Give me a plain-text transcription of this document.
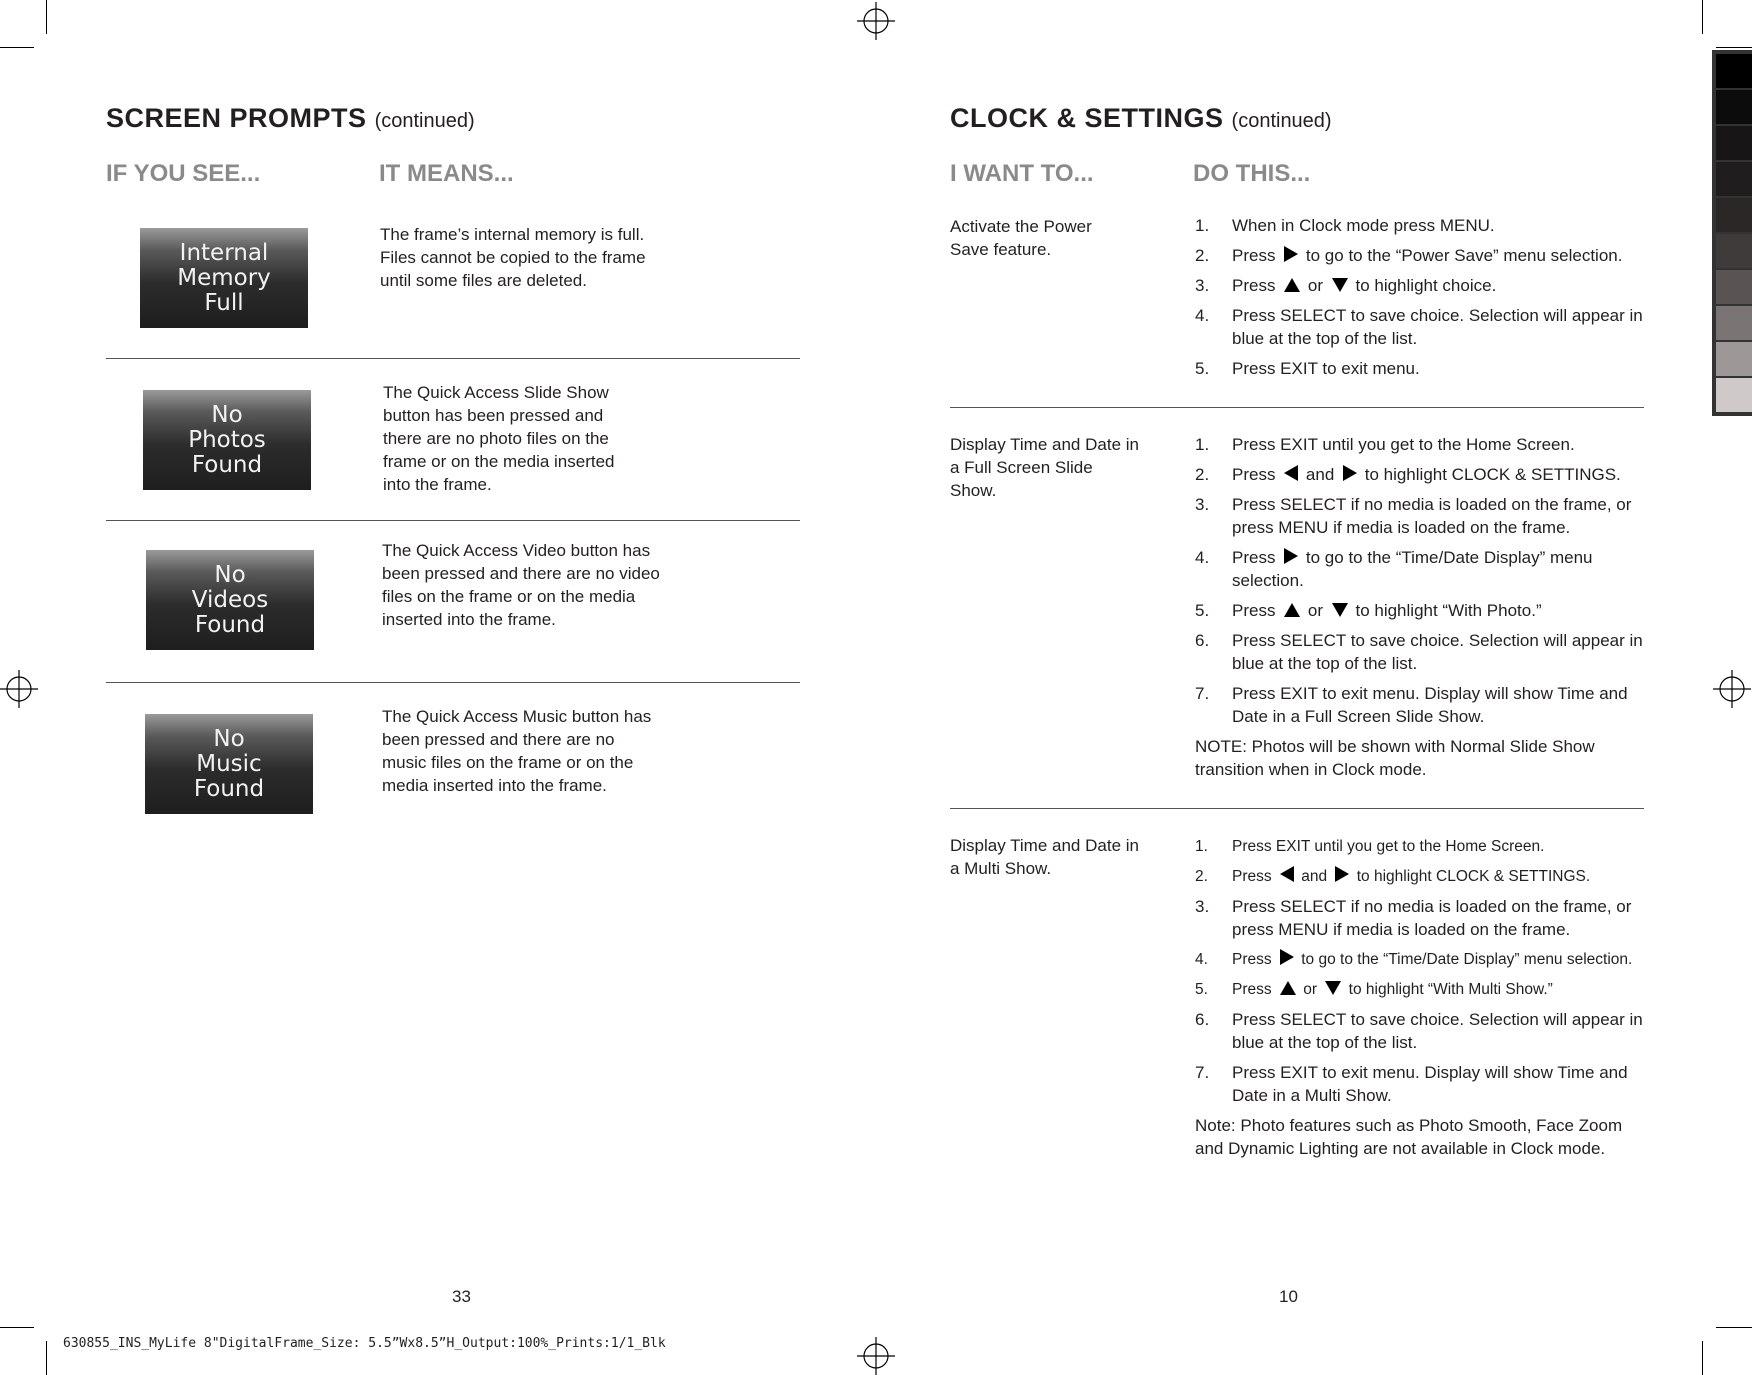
SCREEN PROMPTS (continued)
IF YOU SEE...	IT MEANS...
Internal
Memory
Full
The frame’s internal memory is full. Files cannot be copied to the frame until some files are deleted.
No
Photos
Found
The Quick Access Slide Show button has been pressed and there are no photo files on the frame or on the media inserted into the frame.
No
Videos
Found
The Quick Access Video button has been pressed and there are no video files on the frame or on the media inserted into the frame.
No
Music
Found
The Quick Access Music button has been pressed and there are no music files on the frame or on the media inserted into the frame.
33
CLOCK & SETTINGS (continued)
I WANT TO...	DO THIS...
Activate the Power Save feature.
1. When in Clock mode press MENU.
2. Press  to go to the “Power Save” menu selection.
3. Press  or  to highlight choice.
4. Press SELECT to save choice. Selection will appear in blue at the top of the list.
5. Press EXIT to exit menu.
Display Time and Date in a Full Screen Slide Show.
1. Press EXIT until you get to the Home Screen.
2. Press  and  to highlight CLOCK & SETTINGS.
3. Press SELECT if no media is loaded on the frame, or press MENU if media is loaded on the frame.
4. Press  to go to the “Time/Date Display” menu selection.
5. Press  or  to highlight “With Photo.”
6. Press SELECT to save choice. Selection will appear in blue at the top of the list.
7. Press EXIT to exit menu. Display will show Time and Date in a Full Screen Slide Show.
NOTE: Photos will be shown with Normal Slide Show transition when in Clock mode.
Display Time and Date in a Multi Show.
1. Press EXIT until you get to the Home Screen.
2. Press  and  to highlight CLOCK & SETTINGS.
3. Press SELECT if no media is loaded on the frame, or press MENU if media is loaded on the frame.
4. Press  to go to the “Time/Date Display” menu selection.
5. Press  or  to highlight “With Multi Show.”
6. Press SELECT to save choice. Selection will appear in blue at the top of the list.
7. Press EXIT to exit menu. Display will show Time and Date in a Multi Show.
Note: Photo features such as Photo Smooth, Face Zoom and Dynamic Lighting are not available in Clock mode.
10
630855_INS_MyLife 8"DigitalFrame_Size: 5.5”Wx8.5”H_Output:100%_Prints:1/1_Blk
